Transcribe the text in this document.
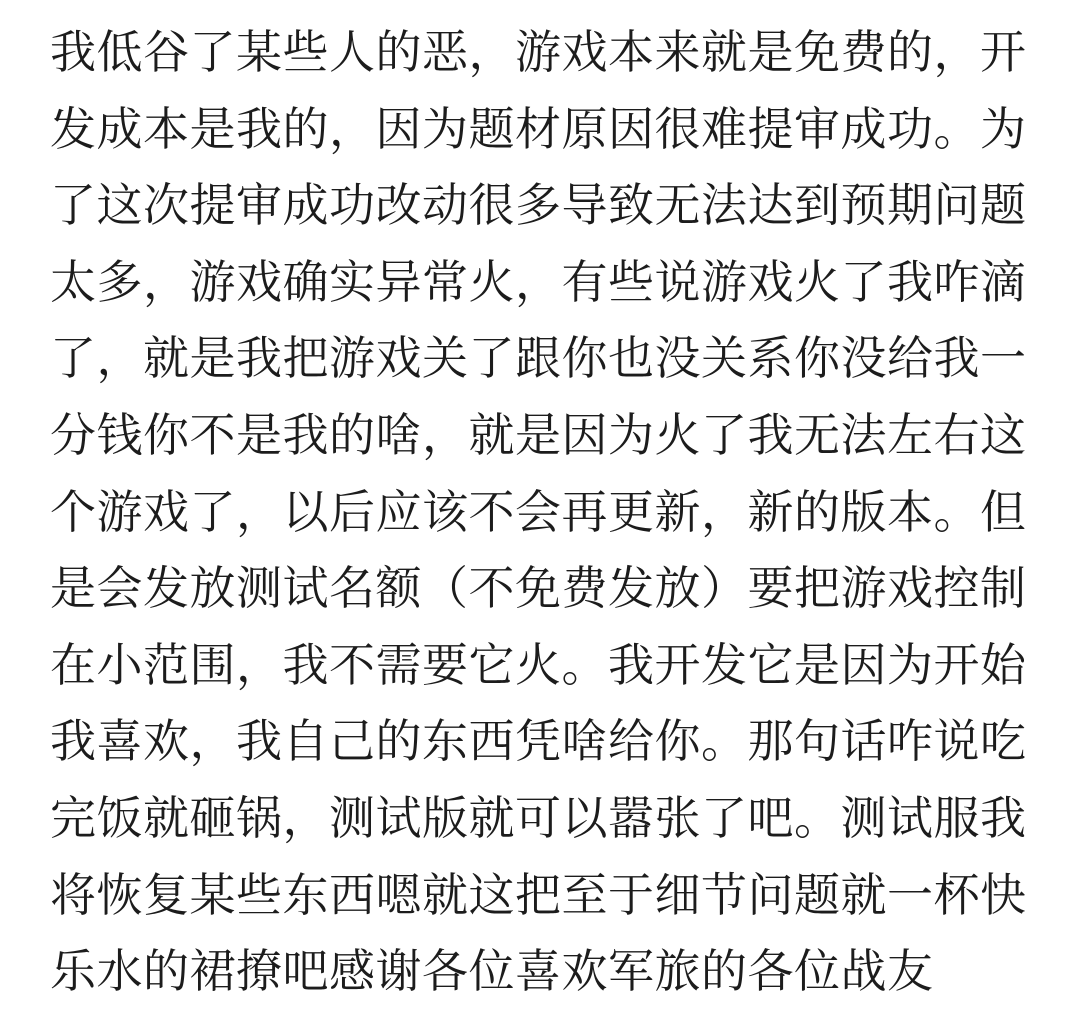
我低谷了某些人的恶，游戏本来就是免费的，开
发成本是我的，因为题材原因很难提审成功。为
了这次提审成功改动很多导致无法达到预期问题
太多，游戏确实异常火，有些说游戏火了我咋滴
了，就是我把游戏关了跟你也没关系你没给我一
分钱你不是我的啥，就是因为火了我无法左右这
个游戏了，以后应该不会再更新，新的版本。但
是会发放测试名额（不免费发放）要把游戏控制
在小范围，我不需要它火。我开发它是因为开始
我喜欢，我自己的东西凭啥给你。那句话咋说吃
完饭就砸锅，测试版就可以嚣张了吧。测试服我
将恢复某些东西嗯就这把至于细节问题就一杯快
乐水的裙撩吧感谢各位喜欢军旅的各位战友
